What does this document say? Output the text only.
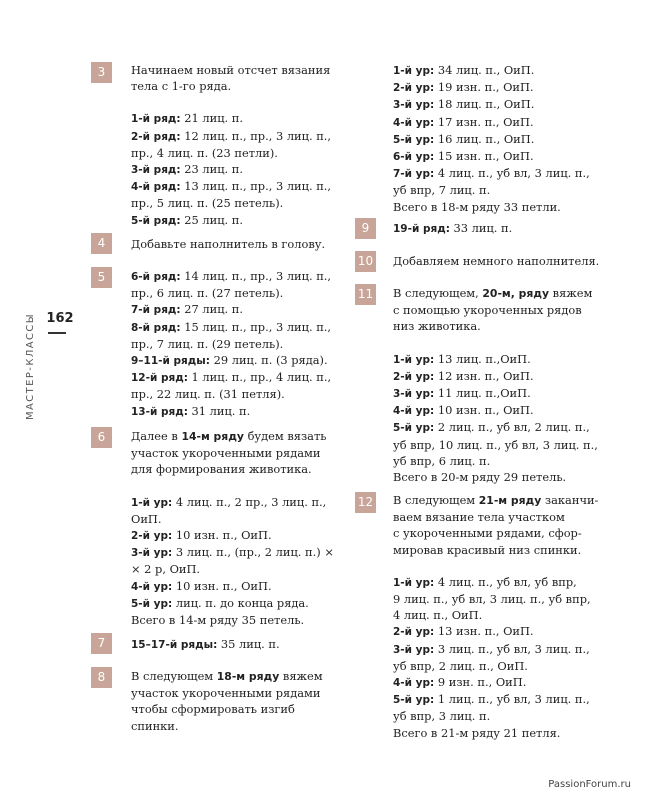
162
МАСТЕР-КЛАССЫ
3	Начинаем новый отсчет вязания

тела с 1-го ряда.

1-й ряд: 21 лиц. п.

2-й ряд: 12 лиц. п., пр., 3 лиц. п.,

пр., 4 лиц. п. (23 петли).

3-й ряд: 23 лиц. п.

4-й ряд: 13 лиц. п., пр., 3 лиц. п.,

пр., 5 лиц. п. (25 петель).

5-й ряд: 25 лиц. п.

4	Добавьте наполнитель в голову.

5	6-й ряд: 14 лиц. п., пр., 3 лиц. п.,

пр., 6 лиц. п. (27 петель).

7-й ряд: 27 лиц. п.

8-й ряд: 15 лиц. п., пр., 3 лиц. п.,

пр., 7 лиц. п. (29 петель).

9–11-й ряды: 29 лиц. п. (3 ряда).

12-й ряд: 1 лиц. п., пр., 4 лиц. п.,

пр., 22 лиц. п. (31 петля).

13-й ряд: 31 лиц. п.

6	Далее в 14-м ряду будем вязать

участок укороченными рядами

для формирования животика.

1-й ур: 4 лиц. п., 2 пр., 3 лиц. п.,

ОиП.

2-й ур: 10 изн. п., ОиП.

3-й ур: 3 лиц. п., (пр., 2 лиц. п.) ×

× 2 р, ОиП.

4-й ур: 10 изн. п., ОиП.

5-й ур: лиц. п. до конца ряда.

Всего в 14-м ряду 35 петель.

7	15–17-й ряды: 35 лиц. п.

8	В следующем 18-м ряду вяжем

участок укороченными рядами

чтобы сформировать изгиб

спинки.

1-й ур: 34 лиц. п., ОиП.

2-й ур: 19 изн. п., ОиП.

3-й ур: 18 лиц. п., ОиП.

4-й ур: 17 изн. п., ОиП.

5-й ур: 16 лиц. п., ОиП.

6-й ур: 15 изн. п., ОиП.

7-й ур: 4 лиц. п., уб вл, 3 лиц. п.,

уб впр, 7 лиц. п.

Всего в 18-м ряду 33 петли.

9	19-й ряд: 33 лиц. п.

10 Добавляем немного наполнителя.

11 В следующем, 20-м, ряду вяжем

с помощью укороченных рядов

низ животика.

1-й ур: 13 лиц. п.,ОиП.

2-й ур: 12 изн. п., ОиП.

3-й ур: 11 лиц. п.,ОиП.

4-й ур: 10 изн. п., ОиП.

5-й ур: 2 лиц. п., уб вл, 2 лиц. п.,

уб впр, 10 лиц. п., уб вл, 3 лиц. п.,

уб впр, 6 лиц. п.

Всего в 20-м ряду 29 петель.

12 В следующем 21-м ряду заканчи-

ваем вязание тела участком

с укороченными рядами, сфор-

мировав красивый низ спинки.

1-й ур: 4 лиц. п., уб вл, уб впр,

9 лиц. п., уб вл, 3 лиц. п., уб впр,

4 лиц. п., ОиП.

2-й ур: 13 изн. п., ОиП.

3-й ур: 3 лиц. п., уб вл, 3 лиц. п.,

уб впр, 2 лиц. п., ОиП.

4-й ур: 9 изн. п., ОиП.

5-й ур: 1 лиц. п., уб вл, 3 лиц. п.,

уб впр, 3 лиц. п.

Всего в 21-м ряду 21 петля.

PassionForum.ru
